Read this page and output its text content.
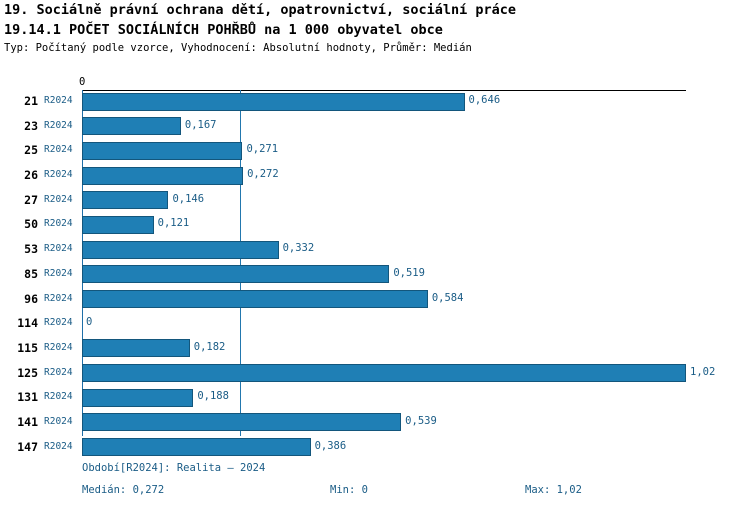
19. Sociálně právní ochrana dětí, opatrovnictví, sociální práce
19.14.1 POČET SOCIÁLNÍCH POHŘBŮ na 1 000 obyvatel obce
Typ: Počítaný podle vzorce, Vyhodnocení: Absolutní hodnoty, Průměr: Medián
0
21 R2024	0,646
23 R2024	0,167
25 R2024	0,271
26 R2024	0,272
27 R2024	0,146
50 R2024	0,121
53 R2024	0,332
85 R2024	0,519
96 R2024	0,584
114 R2024 0
115 R2024	0,182
125 R2024	1,02
131 R2024	0,188
141 R2024	0,539
147 R2024	0,386
Období[R2024]: Realita – 2024
Medián: 0,272	Min: 0	Max: 1,02
